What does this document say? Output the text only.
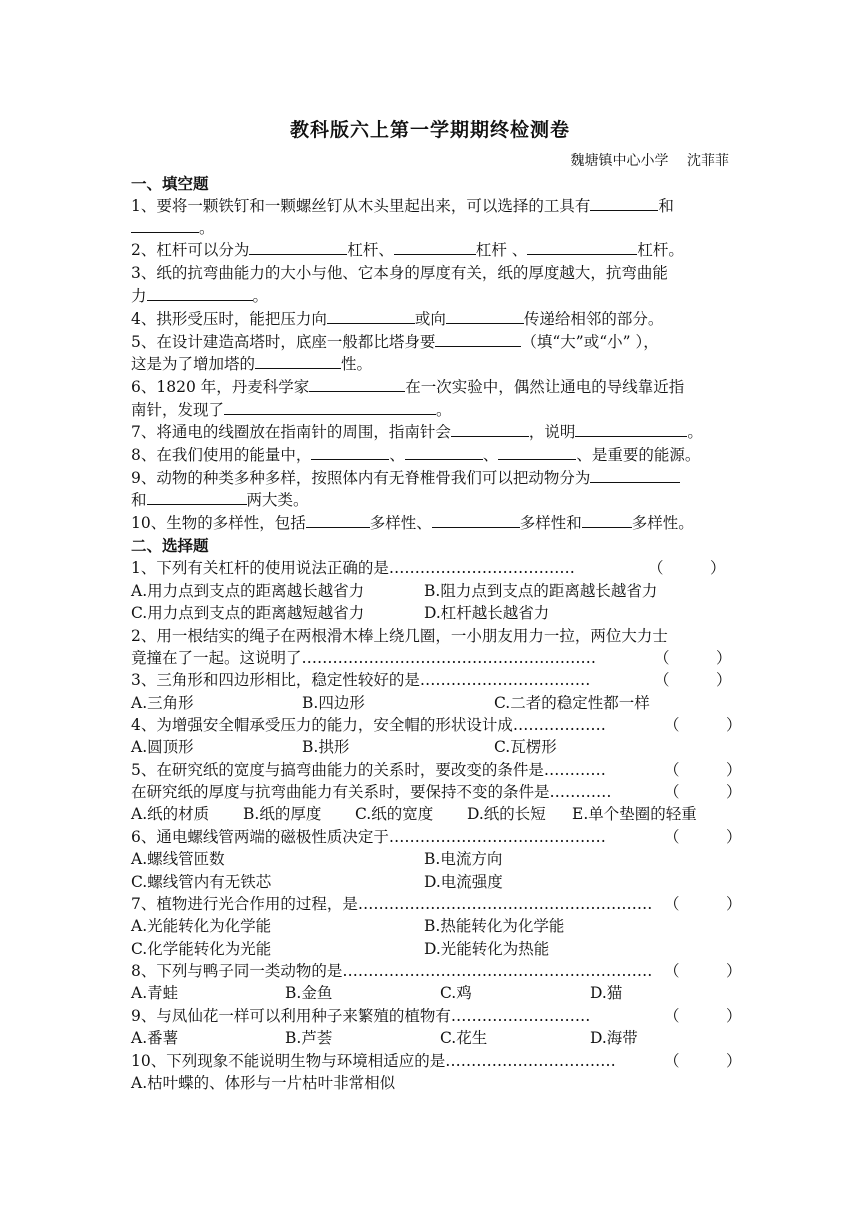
教科版六上第一学期期终检测卷
魏塘镇中心小学　 沈菲菲
一、填空题
1、要将一颗铁钉和一颗螺丝钉从木头里起出来，可以选择的工具有	和
。
2、杠杆可以分为	杠杆、	杠杆 、	杠杆。
3、纸的抗弯曲能力的大小与他、它本身的厚度有关，纸的厚度越大，抗弯曲能
力	。
4、拱形受压时，能把压力向	或向	传递给相邻的部分。
5、在设计建造高塔时，底座一般都比塔身要	（填“大”或“小” ），
这是为了增加塔的	性。
6、1820 年，丹麦科学家	在一次实验中，偶然让通电的导线靠近指
南针，发现了	。
7、将通电的线圈放在指南针的周围，指南针会	，说明	。
8、在我们使用的能量中，	、	、	、是重要的能源。
9、动物的种类多种多样，按照体内有无脊椎骨我们可以把动物分为
和	两大类。
10、生物的多样性，包括	多样性、	多样性和	多样性。
二、选择题
1、下列有关杠杆的使用说法正确的是………………………………	（　　　）
A.用力点到支点的距离越长越省力	B.阻力点到支点的距离越长越省力
C.用力点到支点的距离越短越省力	D.杠杆越长越省力
2、用一根结实的绳子在两根滑木棒上绕几圈，一小朋友用力一拉，两位大力士
竟撞在了一起。这说明了…………………………………………………	（　　　）
3、三角形和四边形相比，稳定性较好的是……………………………	（　　　）
A.三角形	B.四边形	C.二者的稳定性都一样
4、为增强安全帽承受压力的能力，安全帽的形状设计成………………	（　　　）
A.圆顶形	B.拱形	C.瓦楞形
5、在研究纸的宽度与搞弯曲能力的关系时，要改变的条件是…………	（　　　）
在研究纸的厚度与抗弯曲能力有关系时，要保持不变的条件是…………	（　　　）
A.纸的材质 B.纸的厚度 C.纸的宽度 D.纸的长短 E.单个垫圈的轻重
6、通电螺线管两端的磁极性质决定于……………………………………	（　　　）
A.螺线管匝数	B.电流方向
C.螺线管内有无铁芯	D.电流强度
7、植物进行光合作用的过程，是………………………………………………… （　　　）
A.光能转化为化学能	B.热能转化为化学能
C.化学能转化为光能	D.光能转化为热能
8、下列与鸭子同一类动物的是…………………………………………………… （　　　）
A.青蛙	B.金鱼	C.鸡	D.猫
9、与凤仙花一样可以利用种子来繁殖的植物有………………………	（　　　）
A.番薯	B.芦荟	C.花生	D.海带
10、下列现象不能说明生物与环境相适应的是……………………………	（　　　）
A.枯叶蝶的、体形与一片枯叶非常相似
